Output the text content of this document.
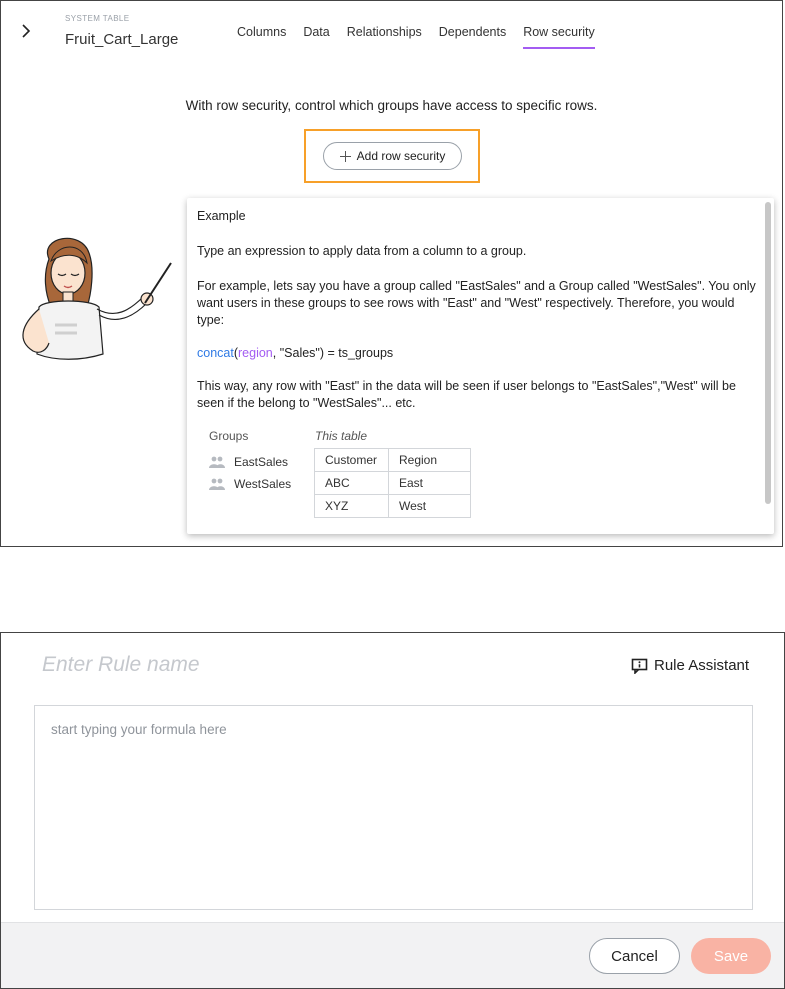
SYSTEM TABLE
Fruit_Cart_Large	Columns Data Relationships Dependents Row security
With row security, control which groups have access to specific rows.
Add row security

Example

Type an expression to apply data from a column to a group.

For example, lets say you have a group called "EastSales" and a Group called "WestSales". You only want users in these groups to see rows with "East" and "West" respectively. Therefore, you would type:

concat(region, "Sales") = ts_groups

This way, any row with "East" in the data will be seen if user belongs to "EastSales","West" will be seen if the belong to "WestSales"... etc.

Groups
EastSales
WestSales
This table
Customer	Region
ABC	East
XYZ	West
Enter Rule name	Rule Assistant
start typing your formula here
Cancel	Save
